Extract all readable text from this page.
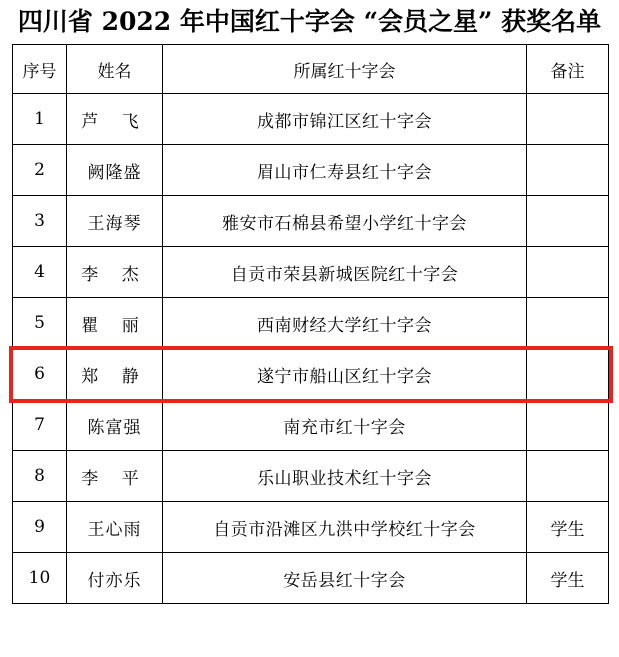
四川省 2022 年中国红十字会 “会员之星” 获奖名单
序号	姓名	所属红十字会	备注
1	芦 飞	成都市锦江区红十字会	
2	阙隆盛	眉山市仁寿县红十字会	
3	王海琴	雅安市石棉县希望小学红十字会	
4	李 杰	自贡市荣县新城医院红十字会	
5	瞿 丽	西南财经大学红十字会	
6	郑 静	遂宁市船山区红十字会	
7	陈富强	南充市红十字会	
8	李 平	乐山职业技术红十字会	
9	王心雨	自贡市沿滩区九洪中学校红十字会	学生
10	付亦乐	安岳县红十字会	学生
